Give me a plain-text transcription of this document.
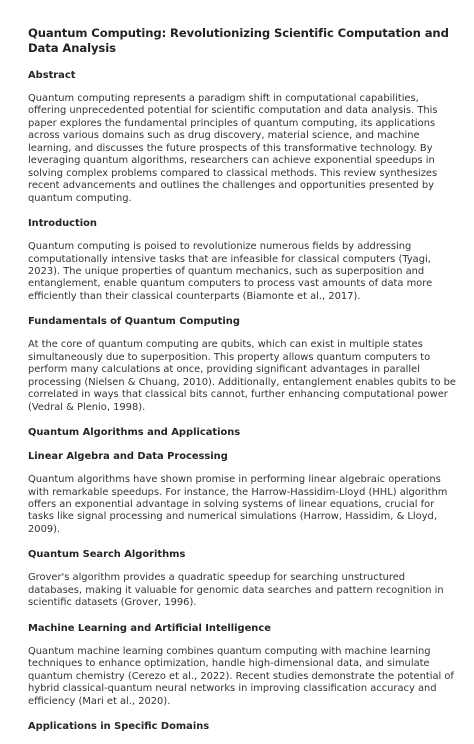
Quantum Computing: Revolutionizing Scientific Computation and Data Analysis
Abstract
Quantum computing represents a paradigm shift in computational capabilities, offering unprecedented potential for scientific computation and data analysis. This paper explores the fundamental principles of quantum computing, its applications across various domains such as drug discovery, material science, and machine learning, and discusses the future prospects of this transformative technology. By leveraging quantum algorithms, researchers can achieve exponential speedups in solving complex problems compared to classical methods. This review synthesizes recent advancements and outlines the challenges and opportunities presented by quantum computing.
Introduction
Quantum computing is poised to revolutionize numerous fields by addressing computationally intensive tasks that are infeasible for classical computers (Tyagi, 2023). The unique properties of quantum mechanics, such as superposition and entanglement, enable quantum computers to process vast amounts of data more efficiently than their classical counterparts (Biamonte et al., 2017).
Fundamentals of Quantum Computing
At the core of quantum computing are qubits, which can exist in multiple states simultaneously due to superposition. This property allows quantum computers to perform many calculations at once, providing significant advantages in parallel processing (Nielsen & Chuang, 2010). Additionally, entanglement enables qubits to be correlated in ways that classical bits cannot, further enhancing computational power (Vedral & Plenio, 1998).
Quantum Algorithms and Applications
Linear Algebra and Data Processing
Quantum algorithms have shown promise in performing linear algebraic operations with remarkable speedups. For instance, the Harrow-Hassidim-Lloyd (HHL) algorithm offers an exponential advantage in solving systems of linear equations, crucial for tasks like signal processing and numerical simulations (Harrow, Hassidim, & Lloyd, 2009).
Quantum Search Algorithms
Grover's algorithm provides a quadratic speedup for searching unstructured databases, making it valuable for genomic data searches and pattern recognition in scientific datasets (Grover, 1996).
Machine Learning and Artificial Intelligence
Quantum machine learning combines quantum computing with machine learning techniques to enhance optimization, handle high-dimensional data, and simulate quantum chemistry (Cerezo et al., 2022). Recent studies demonstrate the potential of hybrid classical-quantum neural networks in improving classification accuracy and efficiency (Mari et al., 2020).
Applications in Specific Domains
